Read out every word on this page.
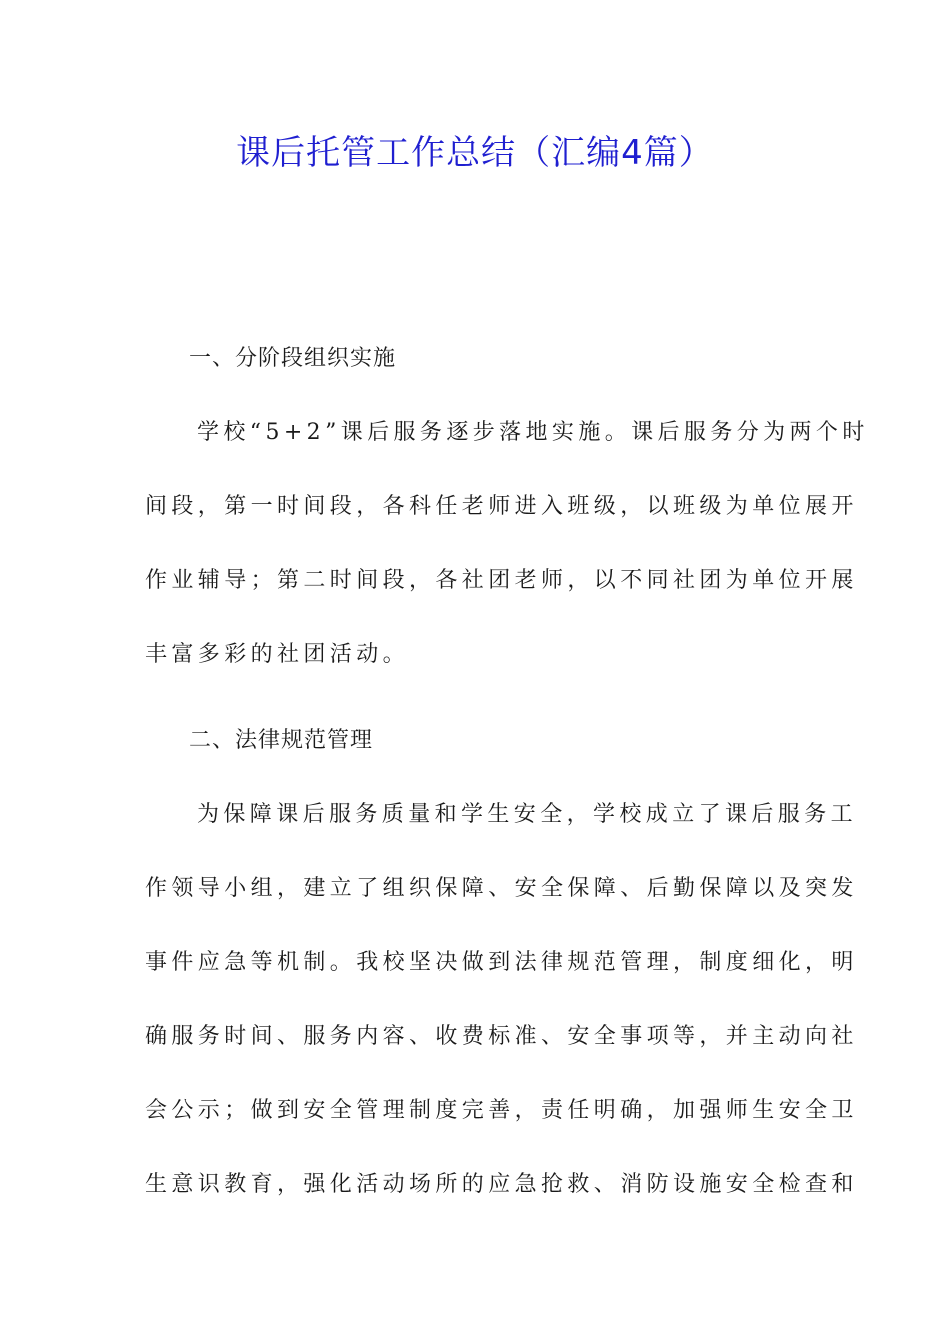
课后托管工作总结（汇编4篇）
一、分阶段组织实施

学校“5+2”课后服务逐步落地实施。课后服务分为两个时
间段，第一时间段，各科任老师进入班级，以班级为单位展开
作业辅导；第二时间段，各社团老师，以不同社团为单位开展
丰富多彩的社团活动。

二、法律规范管理

为保障课后服务质量和学生安全，学校成立了课后服务工
作领导小组，建立了组织保障、安全保障、后勤保障以及突发
事件应急等机制。我校坚决做到法律规范管理，制度细化，明
确服务时间、服务内容、收费标准、安全事项等，并主动向社
会公示；做到安全管理制度完善，责任明确，加强师生安全卫
生意识教育，强化活动场所的应急抢救、消防设施安全检查和
